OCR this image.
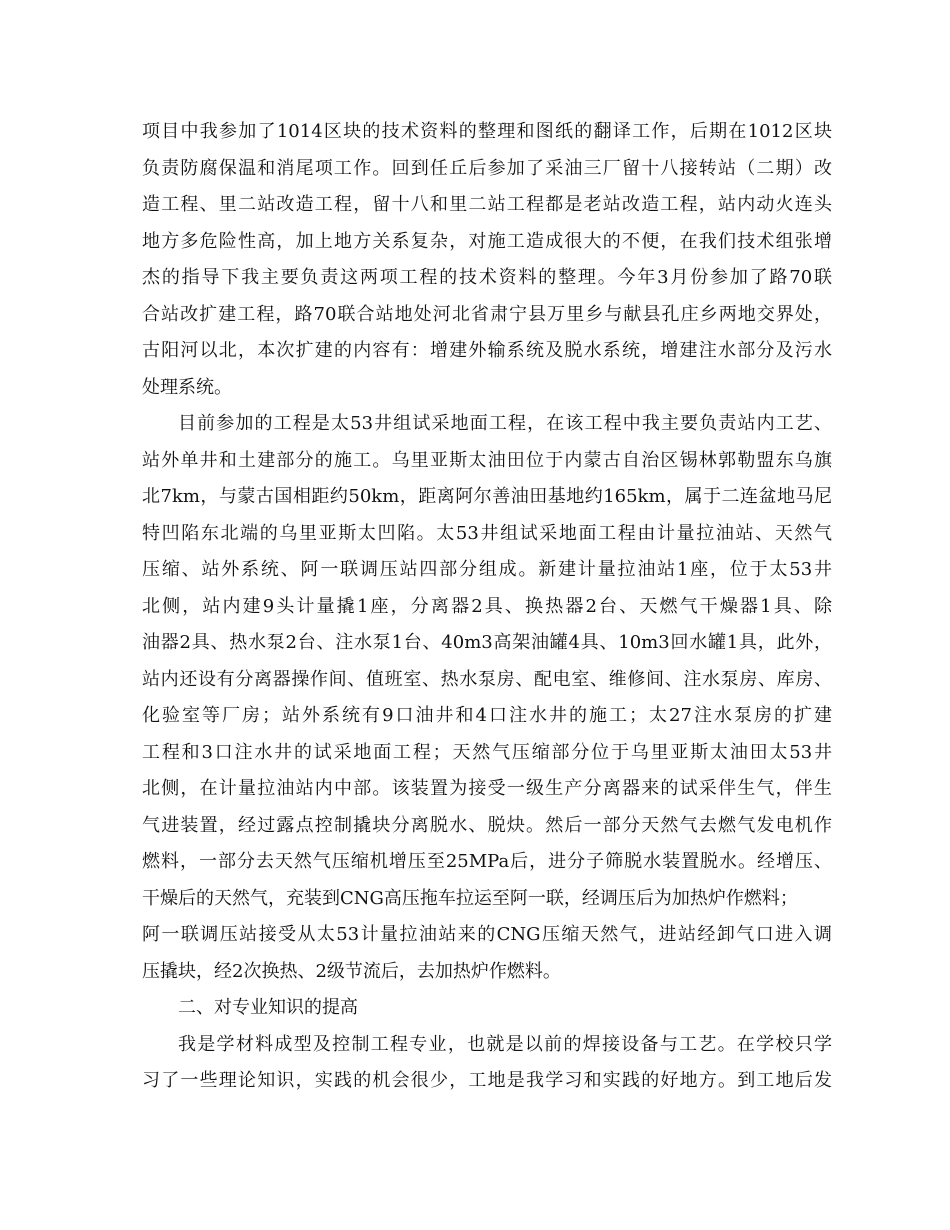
项目中我参加了1014区块的技术资料的整理和图纸的翻译工作，后期在1012区块
负责防腐保温和消尾项工作。回到任丘后参加了采油三厂留十八接转站（二期）改
造工程、里二站改造工程，留十八和里二站工程都是老站改造工程，站内动火连头
地方多危险性高，加上地方关系复杂，对施工造成很大的不便，在我们技术组张增
杰的指导下我主要负责这两项工程的技术资料的整理。今年3月份参加了路70联
合站改扩建工程，路70联合站地处河北省肃宁县万里乡与献县孔庄乡两地交界处，
古阳河以北，本次扩建的内容有：增建外输系统及脱水系统，增建注水部分及污水
处理系统。
目前参加的工程是太53井组试采地面工程，在该工程中我主要负责站内工艺、
站外单井和土建部分的施工。乌里亚斯太油田位于内蒙古自治区锡林郭勒盟东乌旗
北7km，与蒙古国相距约50km，距离阿尔善油田基地约165km，属于二连盆地马尼
特凹陷东北端的乌里亚斯太凹陷。太53井组试采地面工程由计量拉油站、天然气
压缩、站外系统、阿一联调压站四部分组成。新建计量拉油站1座，位于太53井
北侧，站内建9头计量撬1座，分离器2具、换热器2台、天燃气干燥器1具、除
油器2具、热水泵2台、注水泵1台、40m3高架油罐4具、10m3回水罐1具，此外，
站内还设有分离器操作间、值班室、热水泵房、配电室、维修间、注水泵房、库房、
化验室等厂房；站外系统有9口油井和4口注水井的施工；太27注水泵房的扩建
工程和3口注水井的试采地面工程；天然气压缩部分位于乌里亚斯太油田太53井
北侧，在计量拉油站内中部。该装置为接受一级生产分离器来的试采伴生气，伴生
气进装置，经过露点控制撬块分离脱水、脱炔。然后一部分天然气去燃气发电机作
燃料，一部分去天然气压缩机增压至25MPa后，进分子筛脱水装置脱水。经增压、
干燥后的天然气，充装到CNG高压拖车拉运至阿一联，经调压后为加热炉作燃料；
阿一联调压站接受从太53计量拉油站来的CNG压缩天然气，进站经卸气口进入调
压撬块，经2次换热、2级节流后，去加热炉作燃料。
二、对专业知识的提高
我是学材料成型及控制工程专业，也就是以前的焊接设备与工艺。在学校只学
习了一些理论知识，实践的机会很少，工地是我学习和实践的好地方。到工地后发
